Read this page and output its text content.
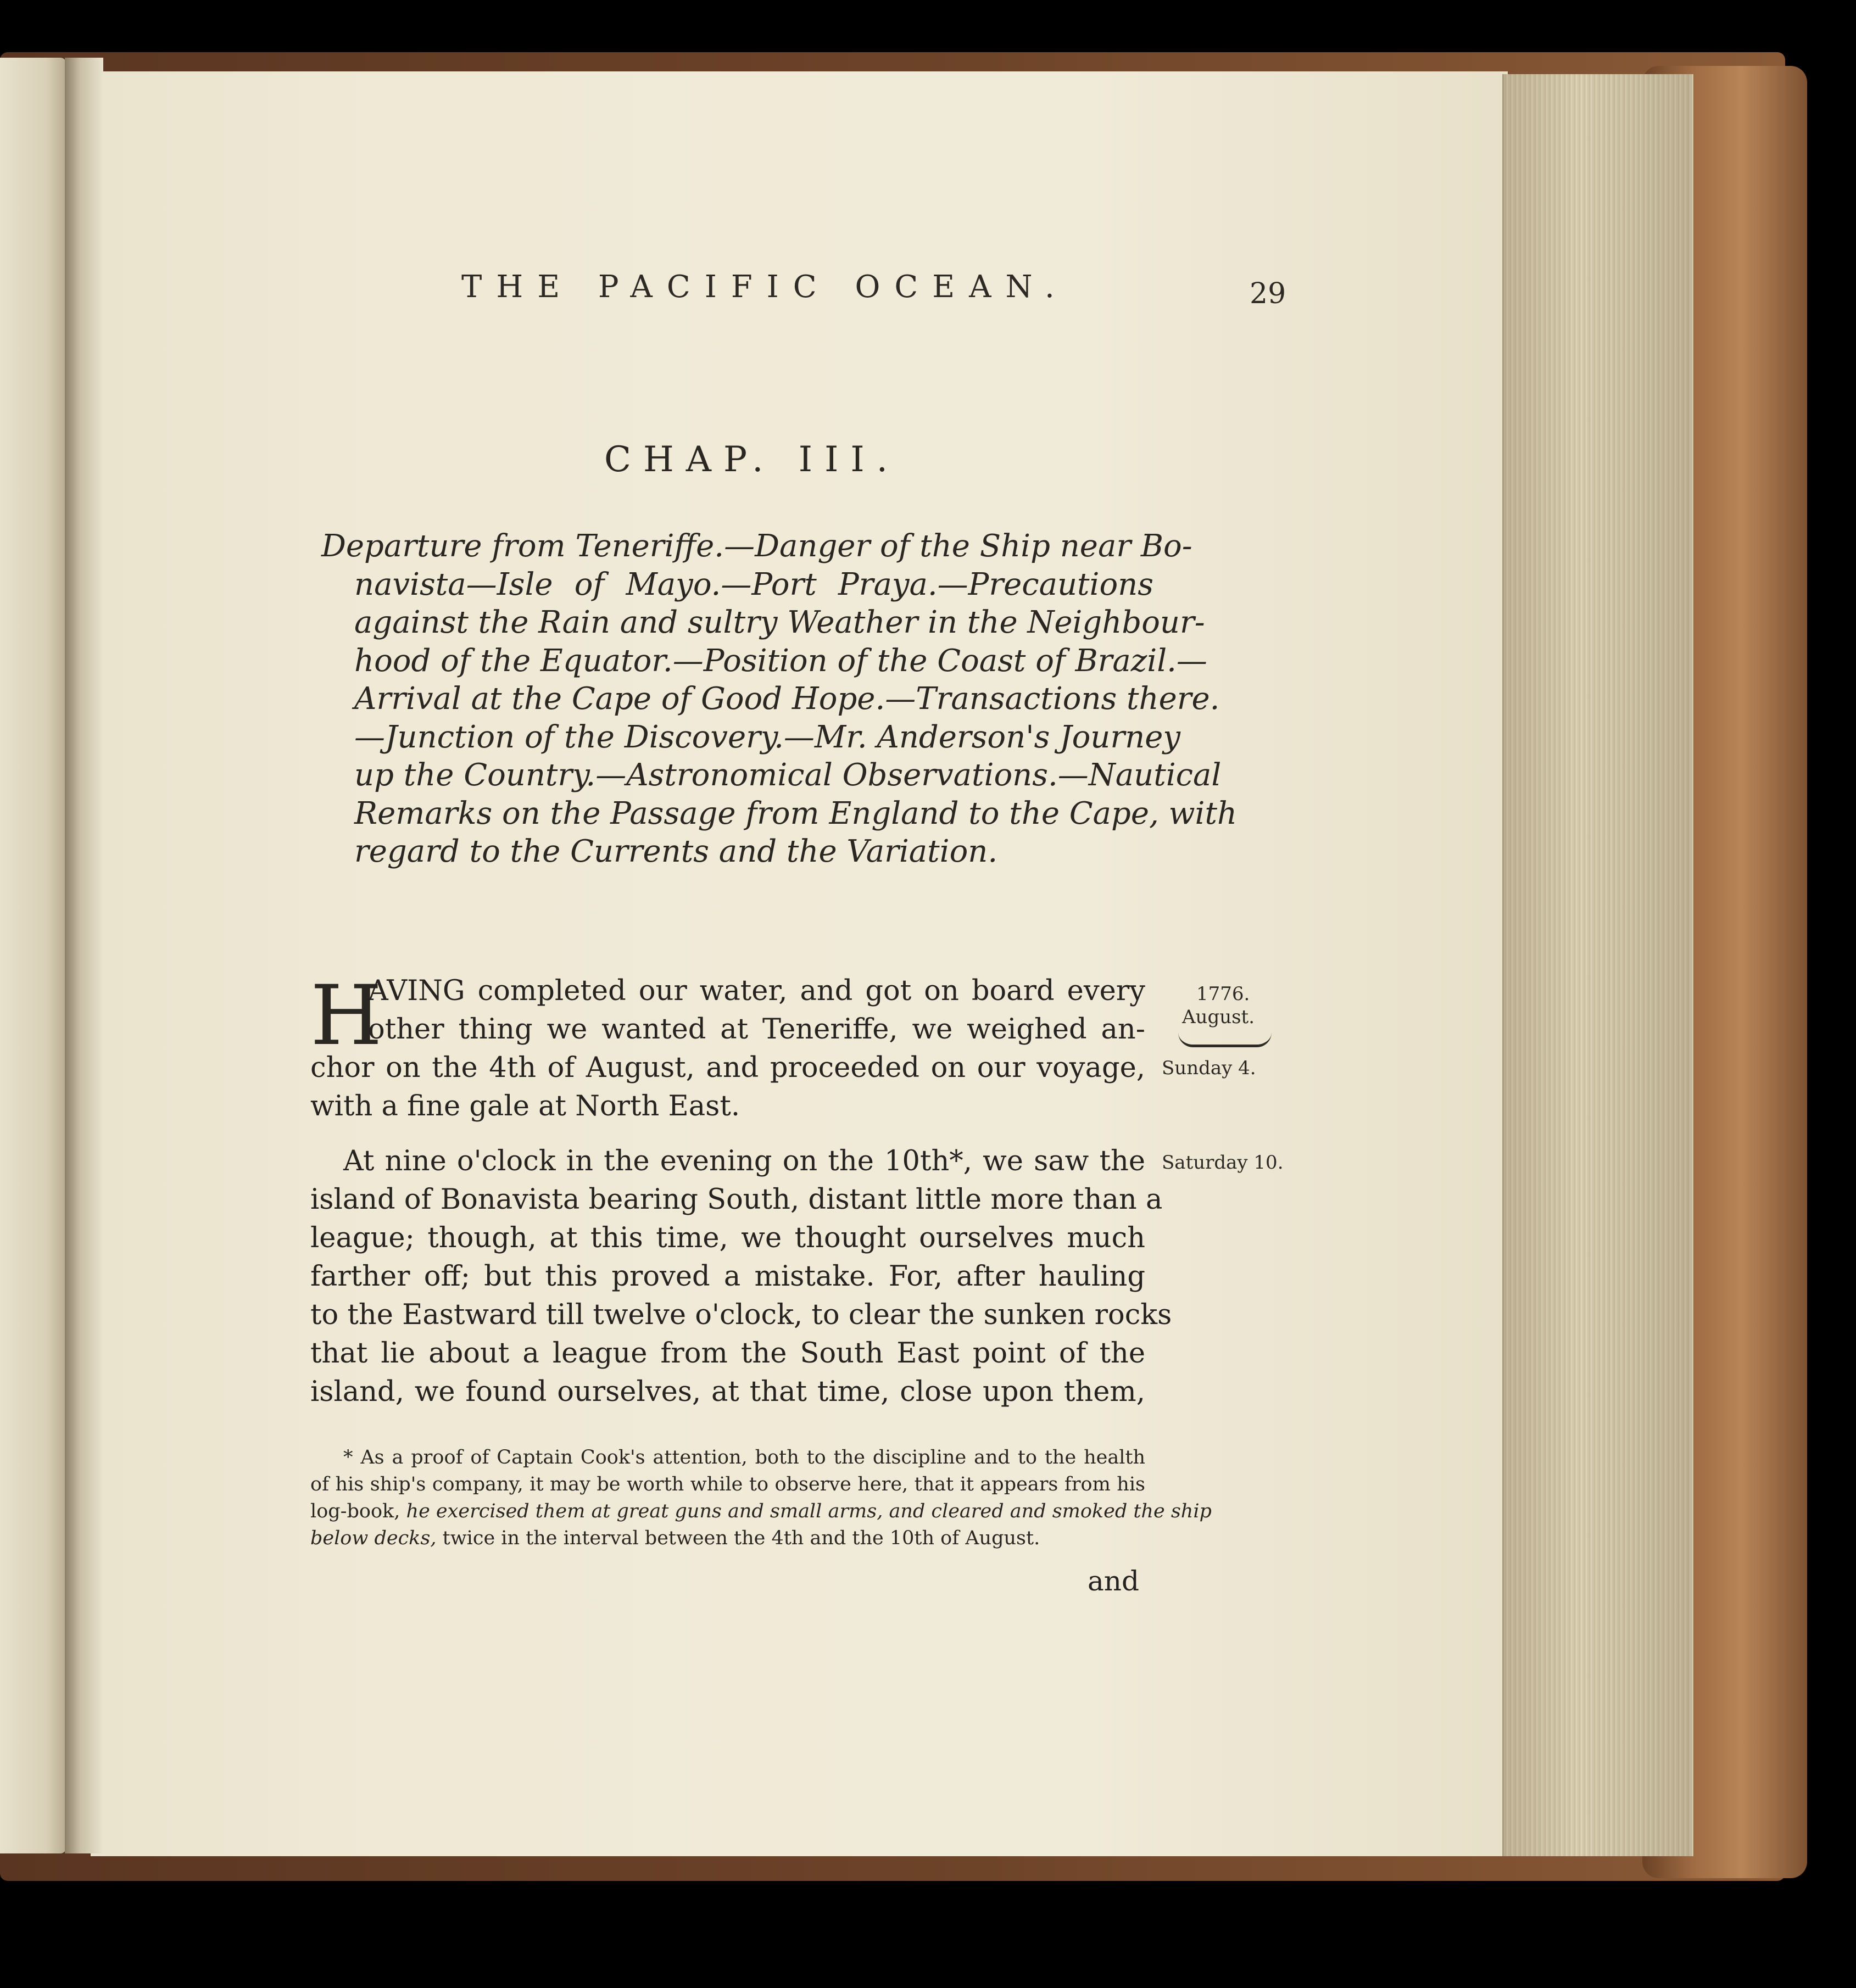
THE PACIFIC OCEAN.	29
CHAP. III.
Departure from Teneriffe.—Danger of the Ship near Bo-
navista—Isle of Mayo.—Port Praya.—Precautions
against the Rain and sultry Weather in the Neighbour-
hood of the Equator.—Position of the Coast of Brazil.—
Arrival at the Cape of Good Hope.—Transactions there.
—Junction of the Discovery.—Mr. Anderson's Journey
up the Country.—Astronomical Observations.—Nautical
Remarks on the Passage from England to the Cape, with
regard to the Currents and the Variation.
H
AVING completed our water, and got on board every
other thing we wanted at Teneriffe, we weighed an-
chor on the 4th of August, and proceeded on our voyage,
with a fine gale at North East.
At nine o'clock in the evening on the 10th*, we saw the
island of Bonavista bearing South, distant little more than a
league; though, at this time, we thought ourselves much
farther off; but this proved a mistake. For, after hauling
to the Eastward till twelve o'clock, to clear the sunken rocks
that lie about a league from the South East point of the
island, we found ourselves, at that time, close upon them,
1776.
August.
Sunday 4.
Saturday 10.
* As a proof of Captain Cook's attention, both to the discipline and to the health
of his ship's company, it may be worth while to observe here, that it appears from his
log-book, he exercised them at great guns and small arms, and cleared and smoked the ship
below decks, twice in the interval between the 4th and the 10th of August.
and
